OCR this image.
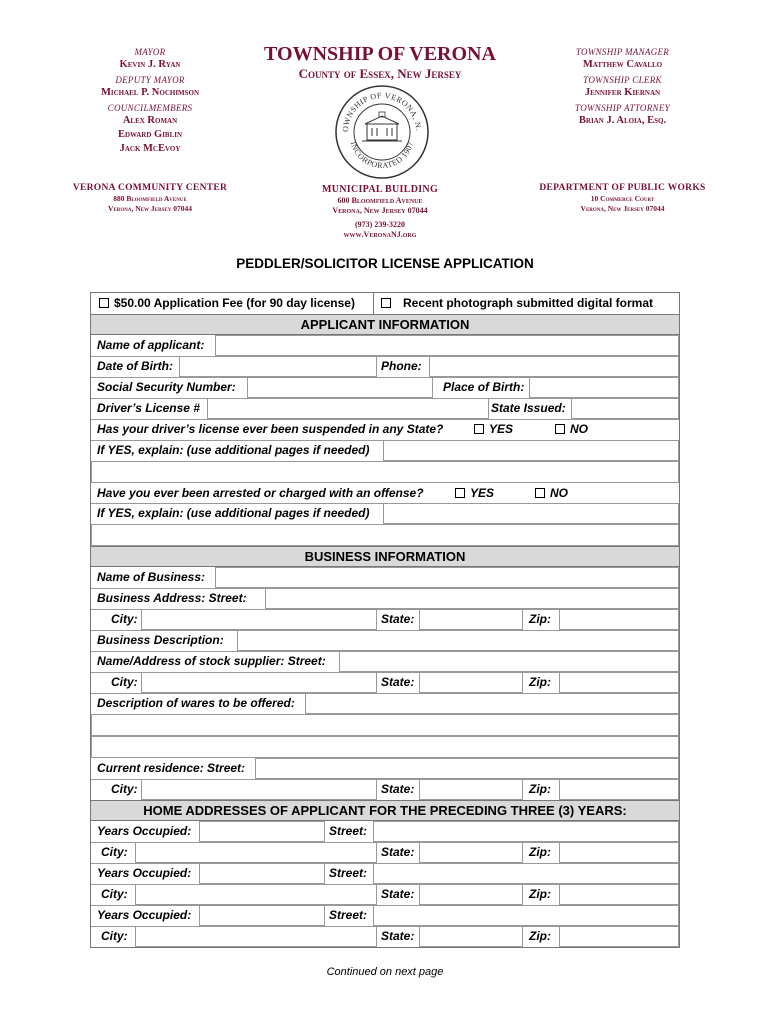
MAYOR
Kevin J. Ryan
DEPUTY MAYOR
Michael P. Nochimson
COUNCILMEMBERS
Alex Roman
Edward Giblin
Jack McEvoy
VERONA COMMUNITY CENTER
880 Bloomfield Avenue
Verona, New Jersey 07044
TOWNSHIP OF VERONA
County of Essex, New Jersey
OWNSHIP OF VERONA, N.
INCORPORATED 1907
MUNICIPAL BUILDING
600 Bloomfield Avenue
Verona, New Jersey 07044
(973) 239-3220
www.VeronaNJ.org
TOWNSHIP MANAGER
Matthew Cavallo
TOWNSHIP CLERK
Jennifer Kiernan
TOWNSHIP ATTORNEY
Brian J. Aloia, Esq.
DEPARTMENT OF PUBLIC WORKS
10 Commerce Court
Verona, New Jersey 07044
PEDDLER/SOLICITOR LICENSE APPLICATION
$50.00 Application Fee (for 90 day license)	Recent photograph submitted digital format
APPLICANT INFORMATION
Name of applicant:
Date of Birth:	Phone:
Social Security Number:	Place of Birth:
Driver’s License #	State Issued:
Has your driver’s license ever been suspended in any State?	YES	NO
If YES, explain: (use additional pages if needed)
Have you ever been arrested or charged with an offense?	YES	NO
If YES, explain: (use additional pages if needed)
BUSINESS INFORMATION
Name of Business:
Business Address: Street:
City:	State:	Zip:
Business Description:
Name/Address of stock supplier: Street:
City:	State:	Zip:
Description of wares to be offered:
Current residence: Street:
City:	State:	Zip:
HOME ADDRESSES OF APPLICANT FOR THE PRECEDING THREE (3) YEARS:
Years Occupied:	Street:
City:	State:	Zip:
Years Occupied:	Street:
City:	State:	Zip:
Years Occupied:	Street:
City:	State:	Zip:
Continued on next page
